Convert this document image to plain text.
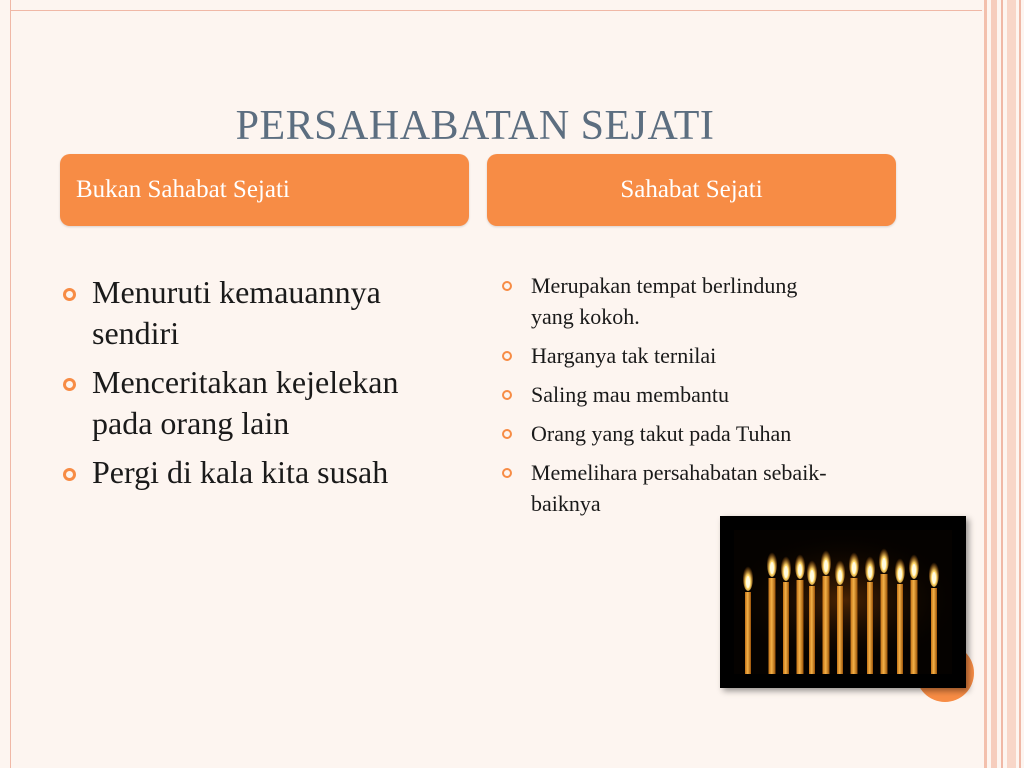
PERSAHABATAN SEJATI
Bukan Sahabat Sejati	Sahabat Sejati
Menuruti kemauannya sendiri
Menceritakan kejelekan pada orang lain
Pergi di kala kita susah
Merupakan tempat berlindung yang kokoh.
Harganya tak ternilai
Saling mau membantu
Orang yang takut pada Tuhan
Memelihara persahabatan sebaik-baiknya
